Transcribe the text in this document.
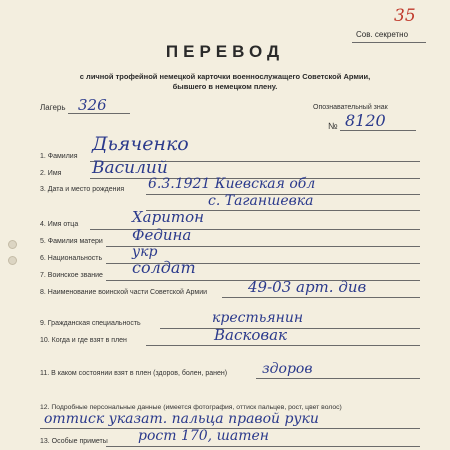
35
Сов. секретно
ПЕРЕВОД
с личной трофейной немецкой карточки военнослужащего Советской Армии,
бывшего в немецком плену.
Лагерь 326	Опознавательный знак
№ 8120
1. Фамилия
Дьяченко
2. Имя Василий
3. Дата и место рождения 6.3.1921 Киевская обл
с. Таганшевка
4. Имя отца	Харитон
5. Фамилия матери Федина
6. Национальность укр
7. Воинское звание солдат
8. Наименование воинской части Советской Армии	49-03 арт. див
9. Гражданская специальность	крестьянин
10. Когда и где взят в плен	Васковак
11. В каком состоянии взят в плен (здоров, болен, ранен) здоров
12. Подробные персональные данные (имеется фотография, оттиск пальцев, рост, цвет волос)
оттиск указат. пальца правой руки
13. Особые приметы рост 170, шатен
